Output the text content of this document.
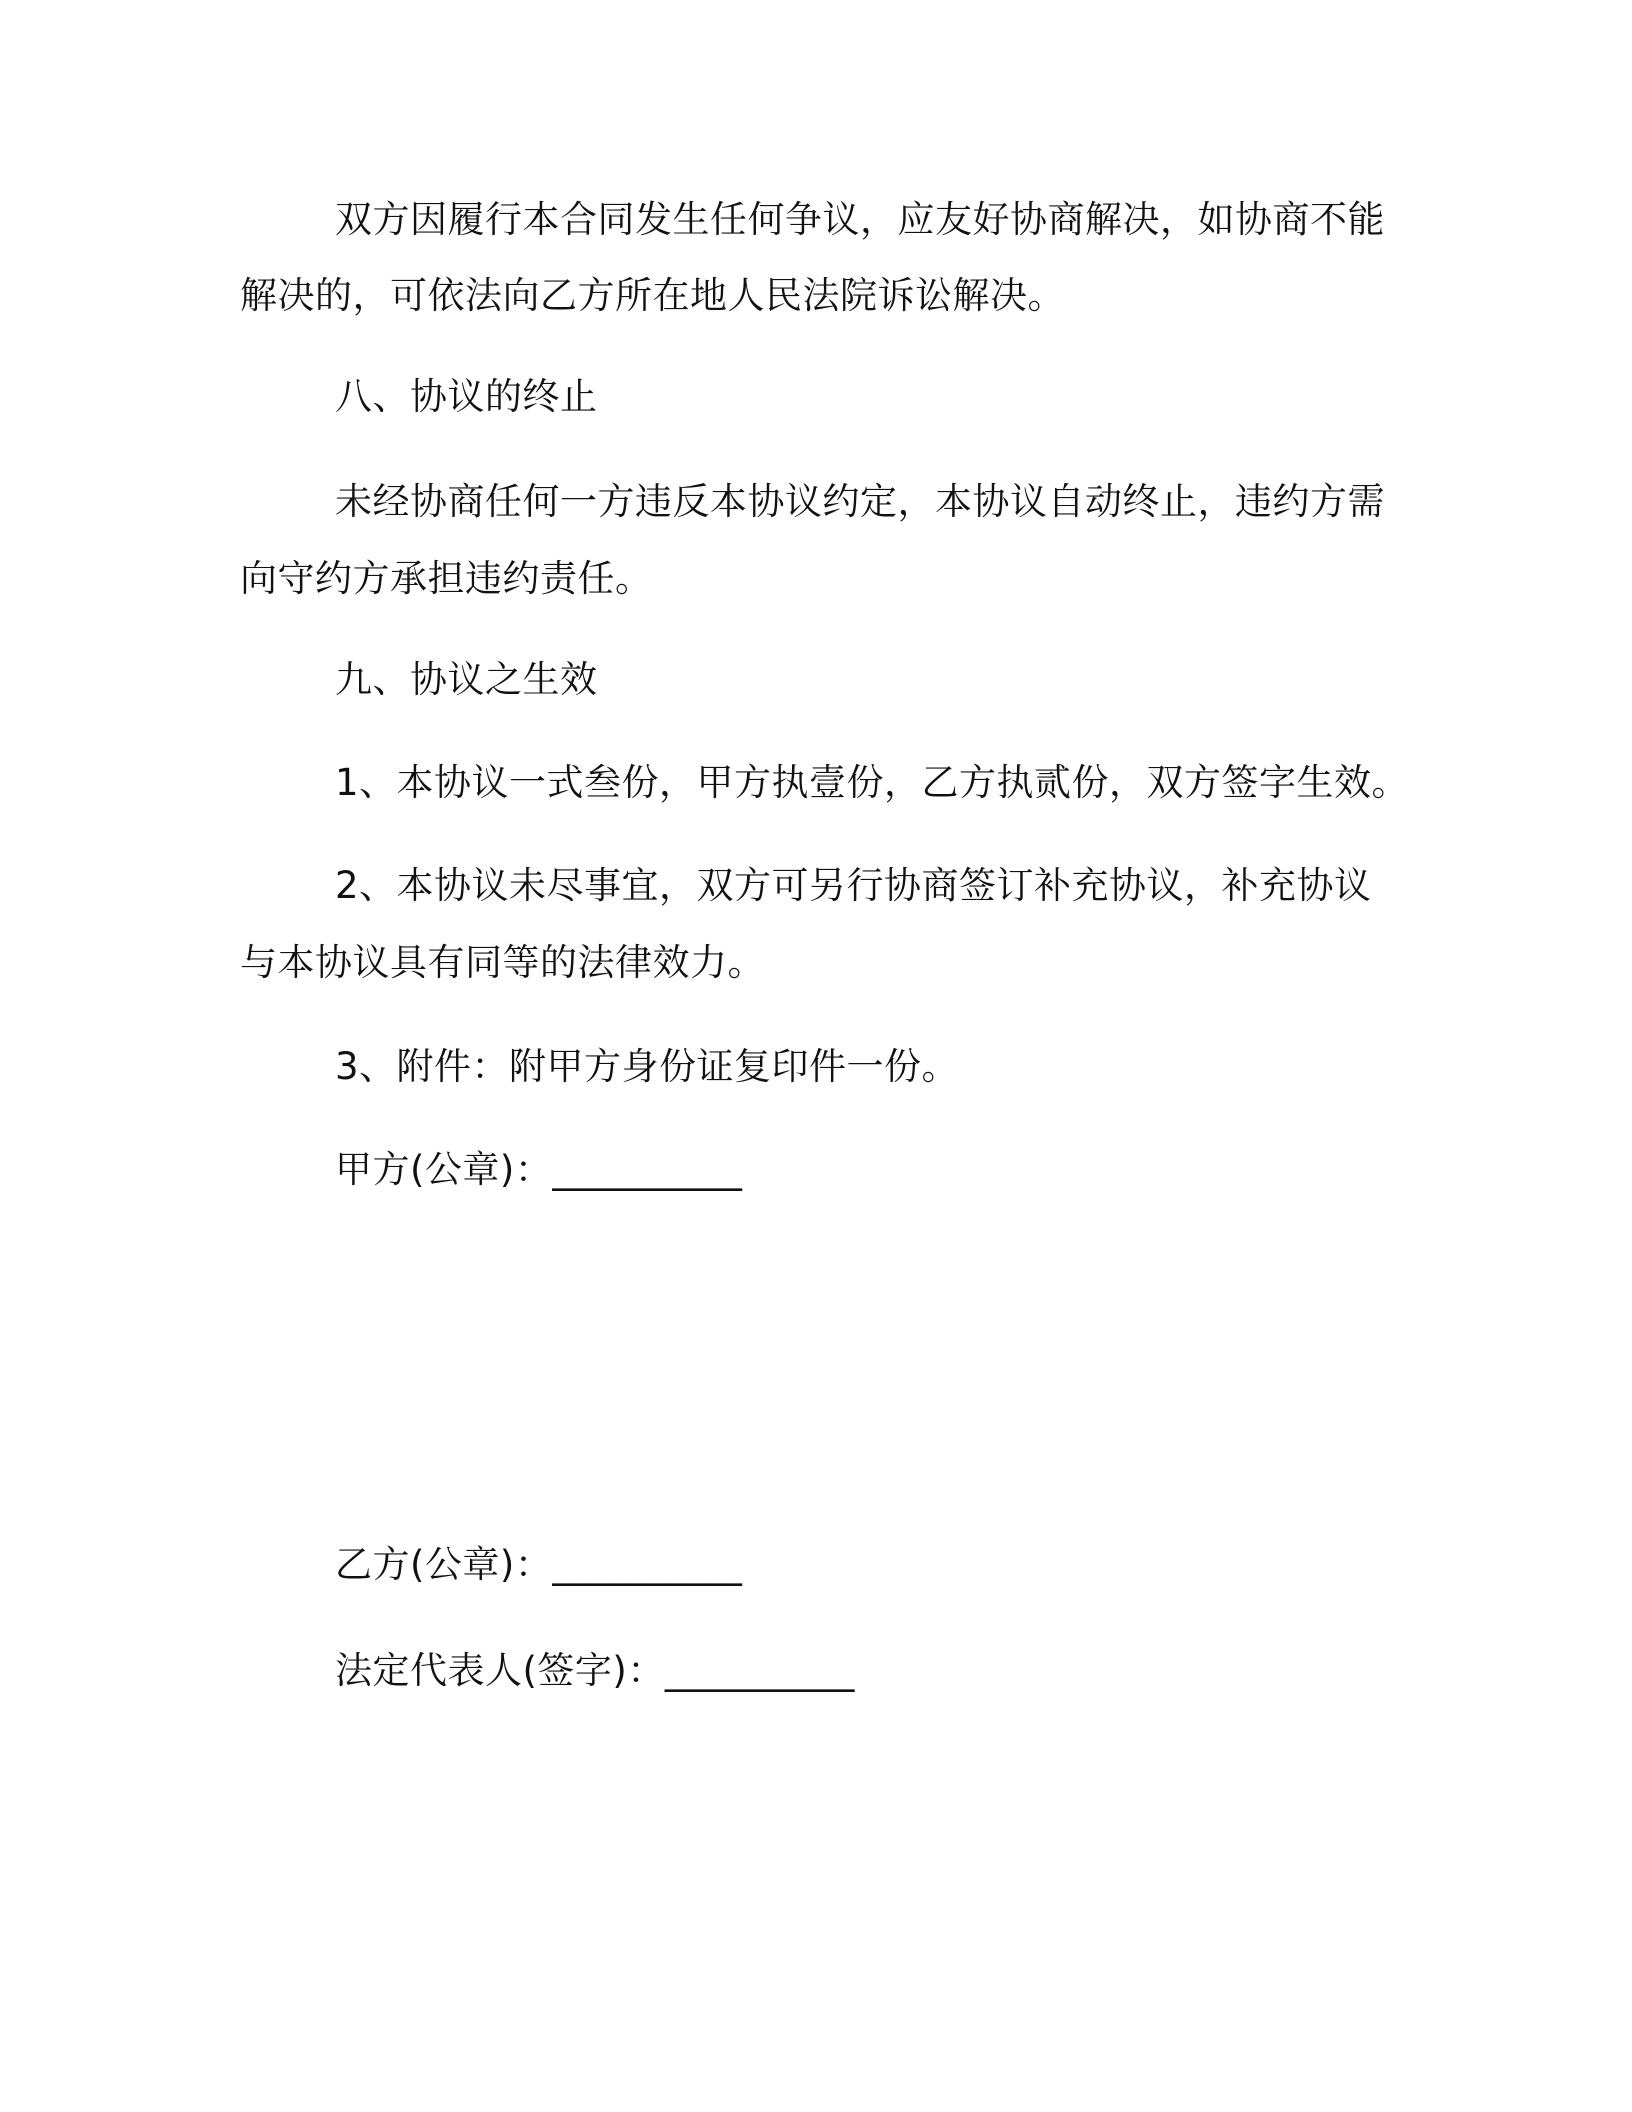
双方因履行本合同发生任何争议，应友好协商解决，如协商不能
解决的，可依法向乙方所在地人民法院诉讼解决。
八、协议的终止
未经协商任何一方违反本协议约定，本协议自动终止，违约方需
向守约方承担违约责任。
九、协议之生效
1、本协议一式叁份，甲方执壹份，乙方执贰份，双方签字生效。
2、本协议未尽事宜，双方可另行协商签订补充协议，补充协议
与本协议具有同等的法律效力。
3、附件：附甲方身份证复印件一份。
甲方(公章)：__________
乙方(公章)：__________
法定代表人(签字)：__________
